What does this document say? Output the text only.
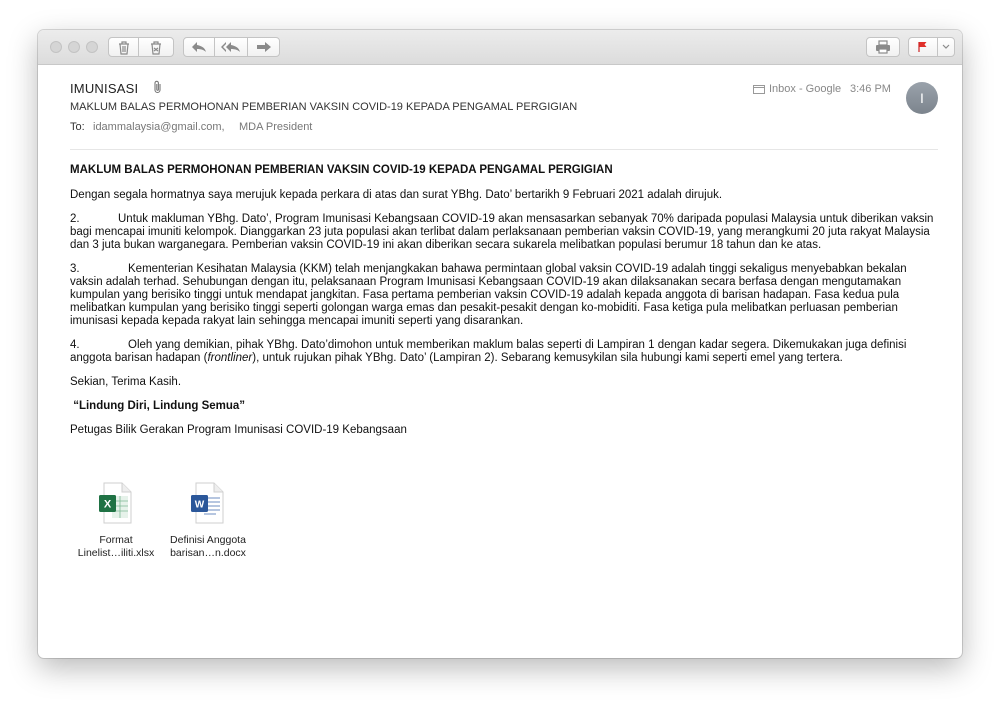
IMUNISASI
MAKLUM BALAS PERMOHONAN PEMBERIAN VAKSIN COVID-19 KEPADA PENGAMAL PERGIGIAN
To: idammalaysia@gmail.com, MDA President
Inbox - Google 3:46 PM
I

MAKLUM BALAS PERMOHONAN PEMBERIAN VAKSIN COVID-19 KEPADA PENGAMAL PERGIGIAN

Dengan segala hormatnya saya merujuk kepada perkara di atas dan surat YBhg. Dato’ bertarikh 9 Februari 2021 adalah dirujuk.

2.	Untuk makluman YBhg. Dato’, Program Imunisasi Kebangsaan COVID-19 akan mensasarkan sebanyak 70% daripada populasi Malaysia untuk diberikan vaksin bagi mencapai imuniti kelompok. Dianggarkan 23 juta populasi akan terlibat dalam perlaksanaan pemberian vaksin COVID-19, yang merangkumi 20 juta rakyat Malaysia dan 3 juta bukan warganegara. Pemberian vaksin COVID-19 ini akan diberikan secara sukarela melibatkan populasi berumur 18 tahun dan ke atas.

3.	Kementerian Kesihatan Malaysia (KKM) telah menjangkakan bahawa permintaan global vaksin COVID-19 adalah tinggi sekaligus menyebabkan bekalan vaksin adalah terhad. Sehubungan dengan itu, pelaksanaan Program Imunisasi Kebangsaan COVID-19 akan dilaksanakan secara berfasa dengan mengutamakan kumpulan yang berisiko tinggi untuk mendapat jangkitan. Fasa pertama pemberian vaksin COVID-19 adalah kepada anggota di barisan hadapan. Fasa kedua pula melibatkan kumpulan yang berisiko tinggi seperti golongan warga emas dan pesakit-pesakit dengan ko-mobiditi. Fasa ketiga pula melibatkan perluasan pemberian imunisasi kepada kepada rakyat lain sehingga mencapai imuniti seperti yang disarankan.

4.	Oleh yang demikian, pihak YBhg. Dato’dimohon untuk memberikan maklum balas seperti di Lampiran 1 dengan kadar segera. Dikemukakan juga definisi anggota barisan hadapan (frontliner), untuk rujukan pihak YBhg. Dato’ (Lampiran 2). Sebarang kemusykilan sila hubungi kami seperti emel yang tertera.

Sekian, Terima Kasih.

“Lindung Diri, Lindung Semua”

Petugas Bilik Gerakan Program Imunisasi COVID-19 Kebangsaan

X
Format
Linelist…iliti.xlsx
W
Definisi Anggota
barisan…n.docx
